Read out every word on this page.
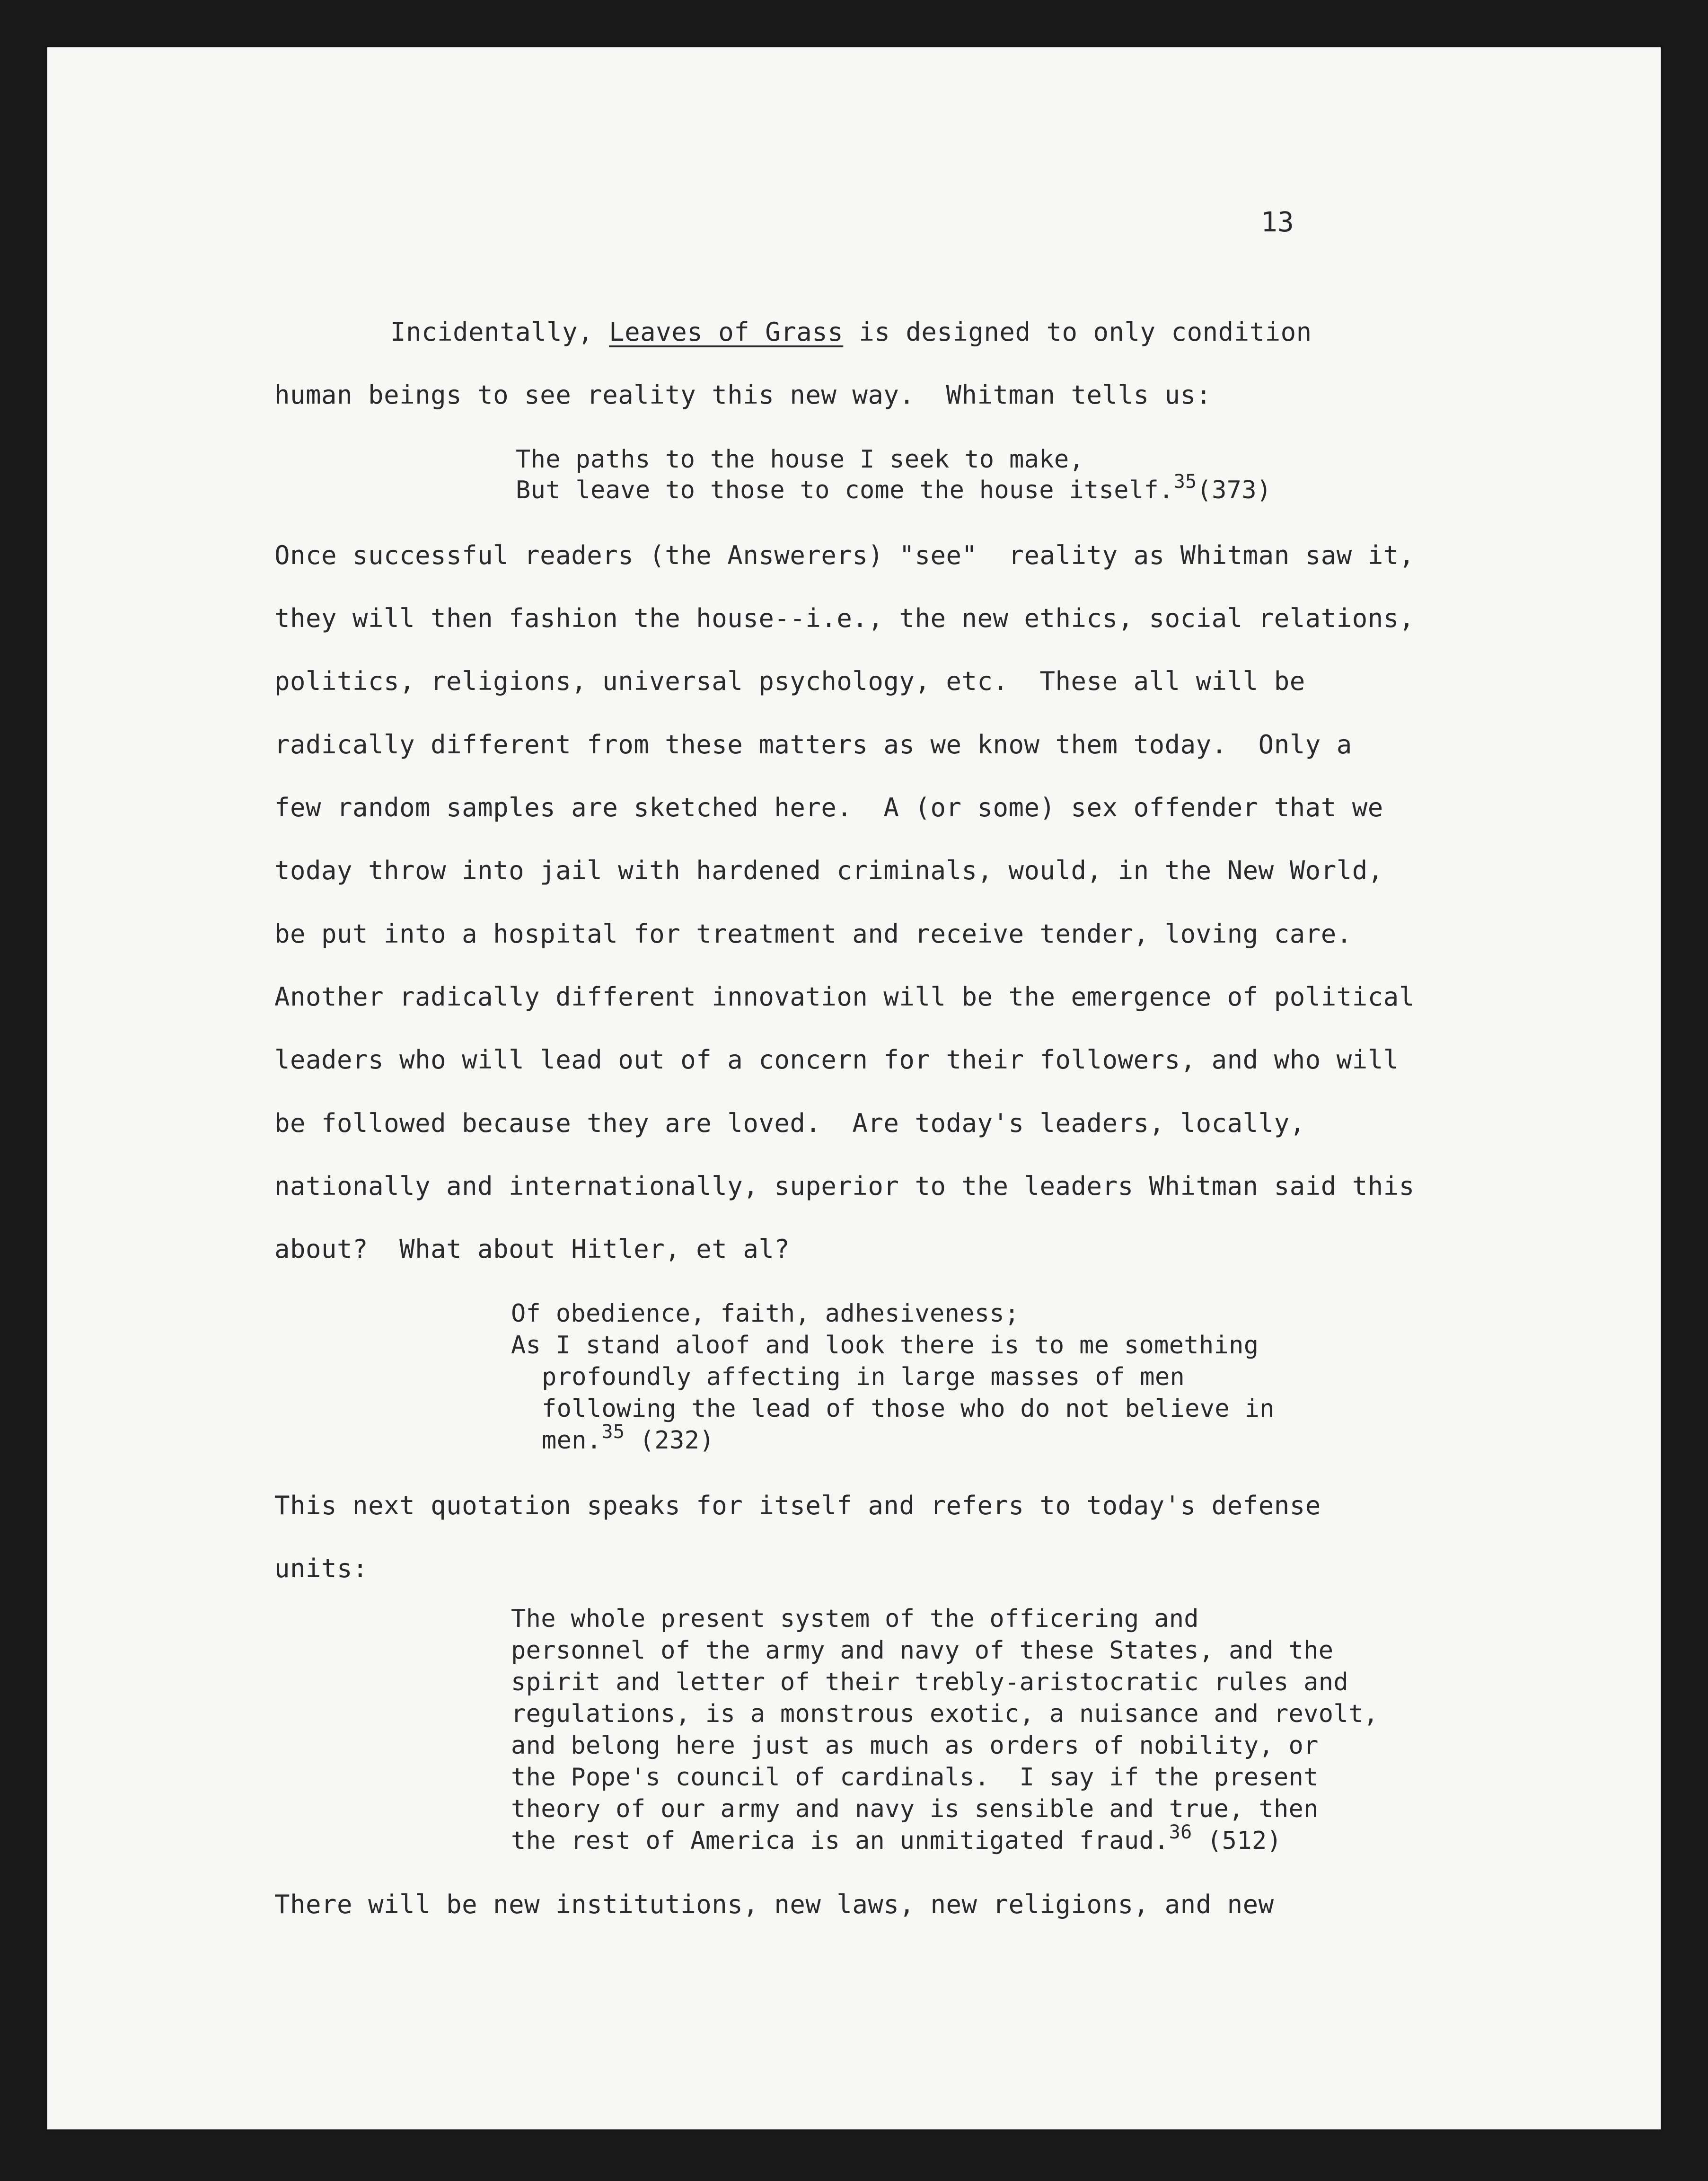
13
Incidentally, Leaves of Grass is designed to only condition
human beings to see reality this new way.  Whitman tells us:
The paths to the house I seek to make,
But leave to those to come the house itself.$^{35}$(373)
Once successful readers (the Answerers) "see"  reality as Whitman saw it,
they will then fashion the house--i.e., the new ethics, social relations,
politics, religions, universal psychology, etc.  These all will be
radically different from these matters as we know them today.  Only a
few random samples are sketched here.  A (or some) sex offender that we
today throw into jail with hardened criminals, would, in the New World,
be put into a hospital for treatment and receive tender, loving care.
Another radically different innovation will be the emergence of political
leaders who will lead out of a concern for their followers, and who will
be followed because they are loved.  Are today's leaders, locally,
nationally and internationally, superior to the leaders Whitman said this
about?  What about Hitler, et al?
Of obedience, faith, adhesiveness;
As I stand aloof and look there is to me something
profoundly affecting in large masses of men
following the lead of those who do not believe in
men.$^{35}$ (232)
This next quotation speaks for itself and refers to today's defense
units:
The whole present system of the officering and
personnel of the army and navy of these States, and the
spirit and letter of their trebly-aristocratic rules and
regulations, is a monstrous exotic, a nuisance and revolt,
and belong here just as much as orders of nobility, or
the Pope's council of cardinals.  I say if the present
theory of our army and navy is sensible and true, then
the rest of America is an unmitigated fraud.$^{36}$ (512)
There will be new institutions, new laws, new religions, and new
